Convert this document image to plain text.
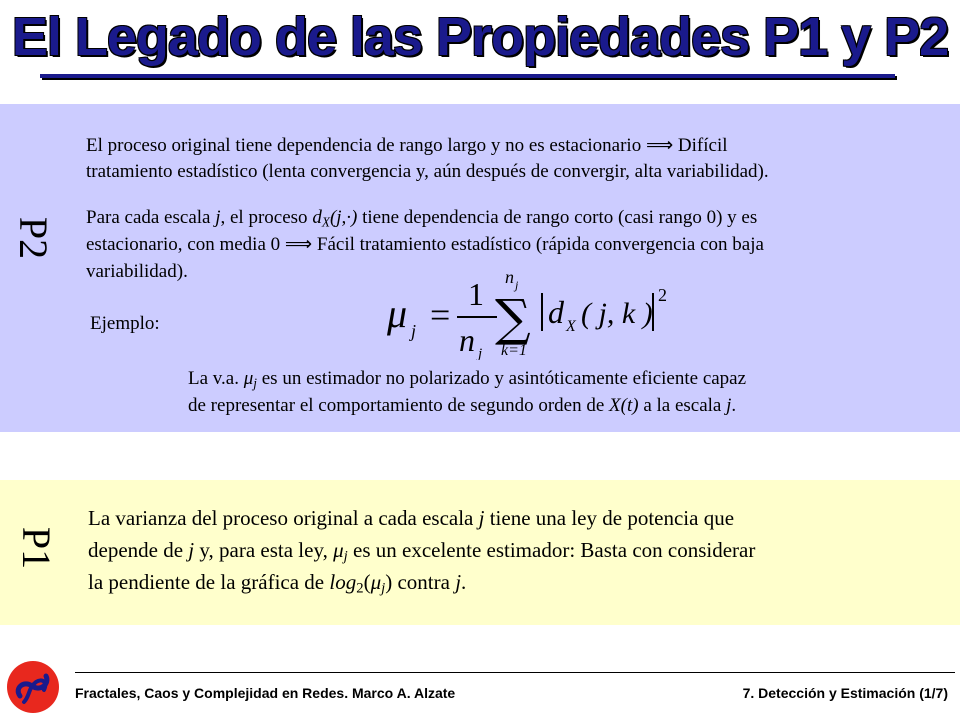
El Legado de las Propiedades P1 y P2
P2
El proceso original tiene dependencia de rango largo y no es estacionario ⟹ Difícil
tratamiento estadístico (lenta convergencia y, aún después de convergir, alta variabilidad).
Para cada escala j, el proceso $d_X(j,\cdot)$ tiene dependencia de rango corto (casi rango 0) y es
estacionario, con media 0 ⟹ Fácil tratamiento estadístico (rápida convergencia con baja
variabilidad).
Ejemplo:	μ j =
1
n j
n j
∑
k=1
d X ( j, k )
2
La v.a. $\mu_j$ es un estimador no polarizado y asintóticamente eficiente capaz
de representar el comportamiento de segundo orden de X(t) a la escala j.
P1
La varianza del proceso original a cada escala j tiene una ley de potencia que
depende de j y, para esta ley, $\mu_j$ es un excelente estimador: Basta con considerar
la pendiente de la gráfica de $\log_2(\mu_j)$ contra j.
Fractales, Caos y Complejidad en Redes. Marco A. Alzate	7. Detección y Estimación (1/7)
